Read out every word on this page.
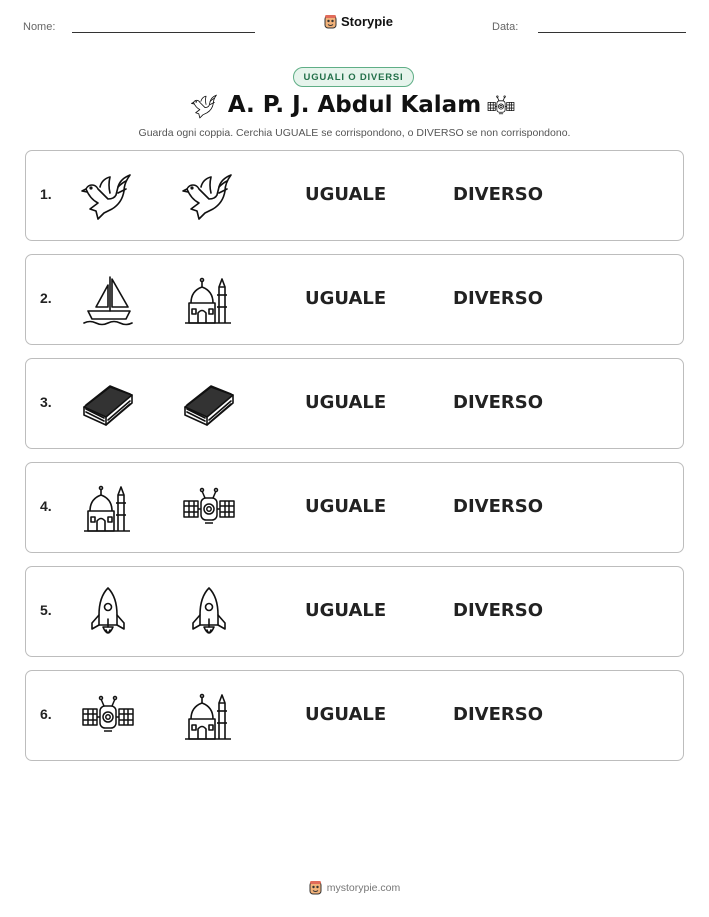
Nome:	Storypie	Data:
UGUALI O DIVERSI
A. P. J. Abdul Kalam
Guarda ogni coppia. Cerchia UGUALE se corrispondono, o DIVERSO se non corrispondono.
1.	UGUALE	DIVERSO
2.	UGUALE	DIVERSO
3.	UGUALE	DIVERSO
4.	UGUALE	DIVERSO
5.	UGUALE	DIVERSO
6.	UGUALE	DIVERSO
mystorypie.com
